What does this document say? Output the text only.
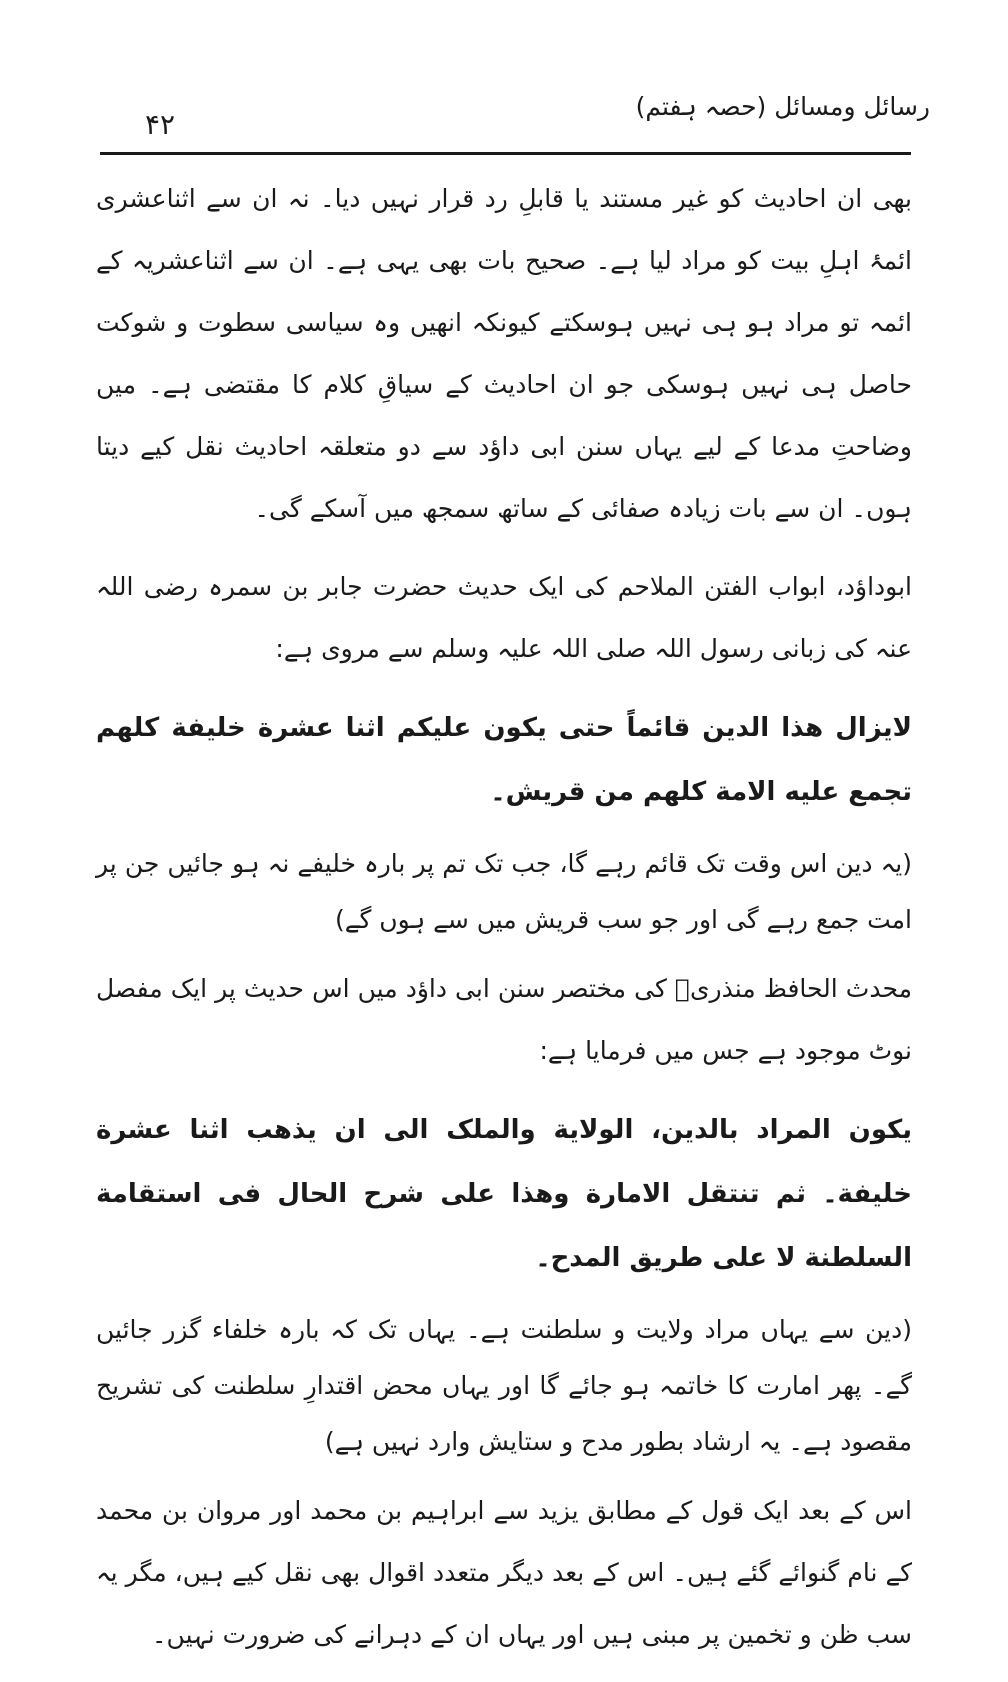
رسائل ومسائل (حصہ ہفتم)
۴۲

بھی ان احادیث کو غیر مستند یا قابلِ رد قرار نہیں دیا۔ نہ ان سے اثناعشری ائمۂ اہلِ بیت کو مراد لیا ہے۔ صحیح بات بھی یہی ہے۔ ان سے اثناعشریہ کے ائمہ تو مراد ہو ہی نہیں ہوسکتے کیونکہ انھیں وہ سیاسی سطوت و شوکت حاصل ہی نہیں ہوسکی جو ان احادیث کے سیاقِ کلام کا مقتضی ہے۔ میں وضاحتِ مدعا کے لیے یہاں سنن ابی داؤد سے دو متعلقہ احادیث نقل کیے دیتا ہوں۔ ان سے بات زیادہ صفائی کے ساتھ سمجھ میں آسکے گی۔

ابوداؤد، ابواب الفتن الملاحم کی ایک حدیث حضرت جابر بن سمرہ رضی اللہ عنہ کی زبانی رسول اللہ صلی اللہ علیہ وسلم سے مروی ہے:

لایزال هذا الدین قائماً حتی یکون علیکم اثنا عشرة خلیفة کلهم تجمع علیه الامة کلهم من قریش۔

(یہ دین اس وقت تک قائم رہے گا، جب تک تم پر بارہ خلیفے نہ ہو جائیں جن پر امت جمع رہے گی اور جو سب قریش میں سے ہوں گے)

محدث الحافظ منذریؒ کی مختصر سنن ابی داؤد میں اس حدیث پر ایک مفصل نوٹ موجود ہے جس میں فرمایا ہے:

یکون المراد بالدین، الولایة والملک الی ان یذهب اثنا عشرة خلیفة۔ ثم تنتقل الامارة وهذا علی شرح الحال فی استقامة السلطنة لا علی طریق المدح۔

(دین سے یہاں مراد ولایت و سلطنت ہے۔ یہاں تک کہ بارہ خلفاء گزر جائیں گے۔ پھر امارت کا خاتمہ ہو جائے گا اور یہاں محض اقتدارِ سلطنت کی تشریح مقصود ہے۔ یہ ارشاد بطور مدح و ستایش وارد نہیں ہے)

اس کے بعد ایک قول کے مطابق یزید سے ابراہیم بن محمد اور مروان بن محمد کے نام گنوائے گئے ہیں۔ اس کے بعد دیگر متعدد اقوال بھی نقل کیے ہیں، مگر یہ سب ظن و تخمین پر مبنی ہیں اور یہاں ان کے دہرانے کی ضرورت نہیں۔
